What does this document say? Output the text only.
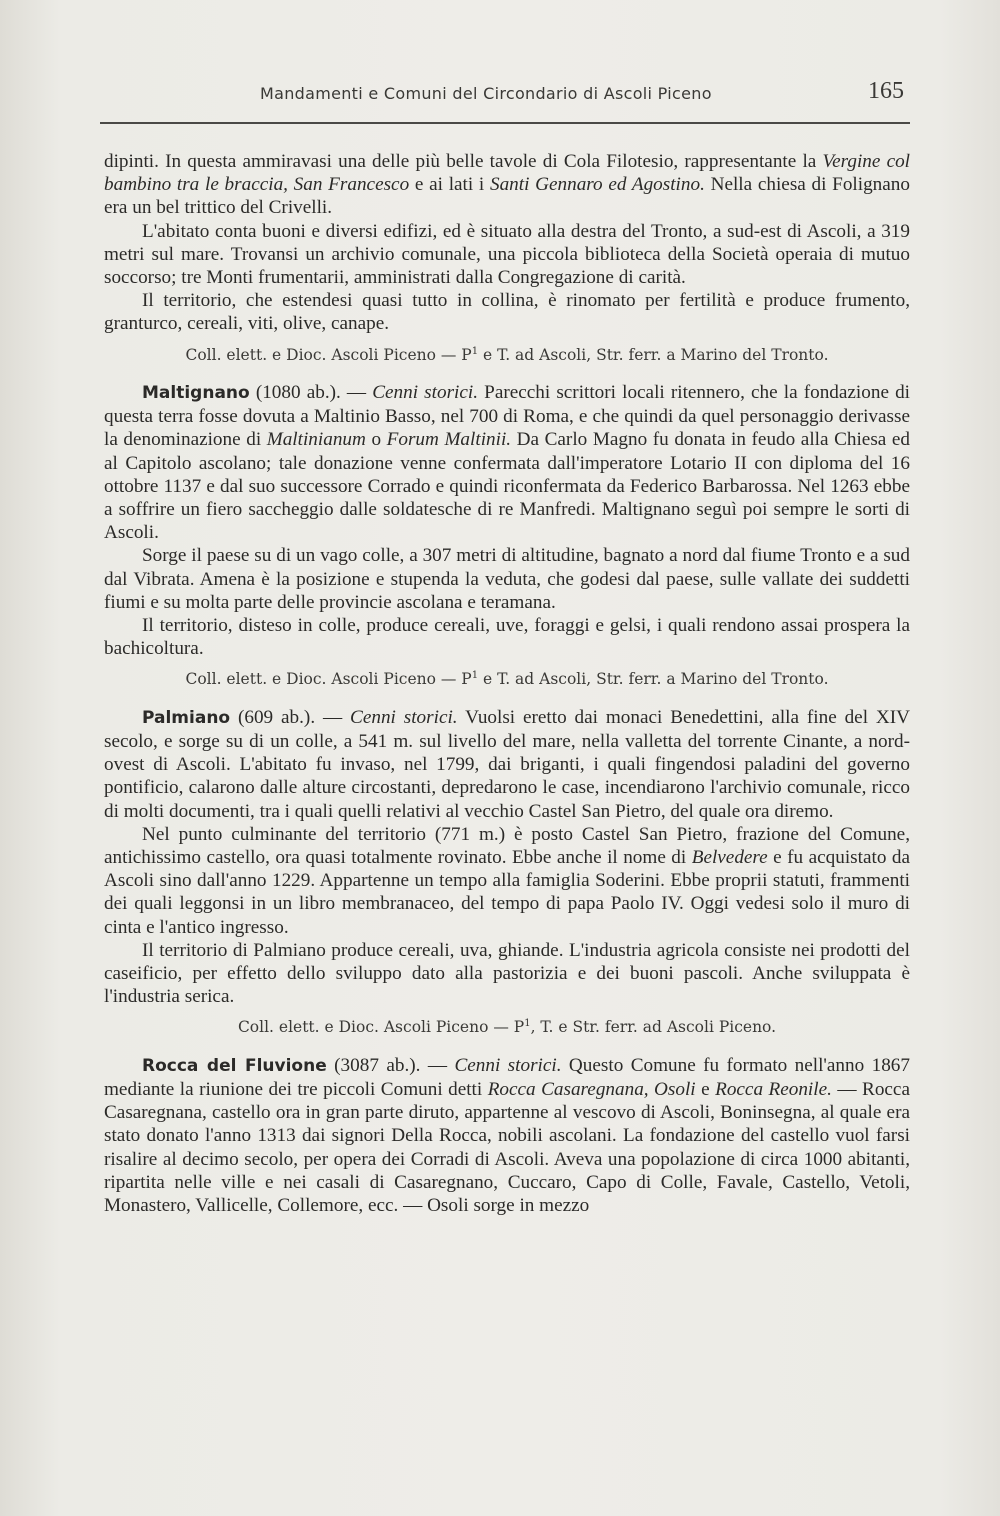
Mandamenti e Comuni del Circondario di Ascoli Piceno	165

dipinti. In questa ammiravasi una delle più belle tavole di Cola Filotesio, rappresentante la Vergine col bambino tra le braccia, San Francesco e ai lati i Santi Gennaro ed Agostino. Nella chiesa di Folignano era un bel trittico del Crivelli.

L'abitato conta buoni e diversi edifizi, ed è situato alla destra del Tronto, a sud-est di Ascoli, a 319 metri sul mare. Trovansi un archivio comunale, una piccola biblioteca della Società operaia di mutuo soccorso; tre Monti frumentarii, amministrati dalla Congregazione di carità.

Il territorio, che estendesi quasi tutto in collina, è rinomato per fertilità e produce frumento, granturco, cereali, viti, olive, canape.

Coll. elett. e Dioc. Ascoli Piceno — $P^1$ e T. ad Ascoli, Str. ferr. a Marino del Tronto.

Maltignano (1080 ab.). — Cenni storici. Parecchi scrittori locali ritennero, che la fondazione di questa terra fosse dovuta a Maltinio Basso, nel 700 di Roma, e che quindi da quel personaggio derivasse la denominazione di Maltinianum o Forum Maltinii. Da Carlo Magno fu donata in feudo alla Chiesa ed al Capitolo ascolano; tale donazione venne confermata dall'imperatore Lotario II con diploma del 16 ottobre 1137 e dal suo successore Corrado e quindi riconfermata da Federico Barbarossa. Nel 1263 ebbe a soffrire un fiero saccheggio dalle soldatesche di re Manfredi. Maltignano seguì poi sempre le sorti di Ascoli.

Sorge il paese su di un vago colle, a 307 metri di altitudine, bagnato a nord dal fiume Tronto e a sud dal Vibrata. Amena è la posizione e stupenda la veduta, che godesi dal paese, sulle vallate dei suddetti fiumi e su molta parte delle provincie ascolana e teramana.

Il territorio, disteso in colle, produce cereali, uve, foraggi e gelsi, i quali rendono assai prospera la bachicoltura.

Coll. elett. e Dioc. Ascoli Piceno — $P^1$ e T. ad Ascoli, Str. ferr. a Marino del Tronto.

Palmiano (609 ab.). — Cenni storici. Vuolsi eretto dai monaci Benedettini, alla fine del XIV secolo, e sorge su di un colle, a 541 m. sul livello del mare, nella valletta del torrente Cinante, a nord-ovest di Ascoli. L'abitato fu invaso, nel 1799, dai briganti, i quali fingendosi paladini del governo pontificio, calarono dalle alture circostanti, depredarono le case, incendiarono l'archivio comunale, ricco di molti documenti, tra i quali quelli relativi al vecchio Castel San Pietro, del quale ora diremo.

Nel punto culminante del territorio (771 m.) è posto Castel San Pietro, frazione del Comune, antichissimo castello, ora quasi totalmente rovinato. Ebbe anche il nome di Belvedere e fu acquistato da Ascoli sino dall'anno 1229. Appartenne un tempo alla famiglia Soderini. Ebbe proprii statuti, frammenti dei quali leggonsi in un libro membranaceo, del tempo di papa Paolo IV. Oggi vedesi solo il muro di cinta e l'antico ingresso.

Il territorio di Palmiano produce cereali, uva, ghiande. L'industria agricola consiste nei prodotti del caseificio, per effetto dello sviluppo dato alla pastorizia e dei buoni pascoli. Anche sviluppata è l'industria serica.

Coll. elett. e Dioc. Ascoli Piceno — $P^1$, T. e Str. ferr. ad Ascoli Piceno.

Rocca del Fluvione (3087 ab.). — Cenni storici. Questo Comune fu formato nell'anno 1867 mediante la riunione dei tre piccoli Comuni detti Rocca Casaregnana, Osoli e Rocca Reonile. — Rocca Casaregnana, castello ora in gran parte diruto, appartenne al vescovo di Ascoli, Boninsegna, al quale era stato donato l'anno 1313 dai signori Della Rocca, nobili ascolani. La fondazione del castello vuol farsi risalire al decimo secolo, per opera dei Corradi di Ascoli. Aveva una popolazione di circa 1000 abitanti, ripartita nelle ville e nei casali di Casaregnano, Cuccaro, Capo di Colle, Favale, Castello, Vetoli, Monastero, Vallicelle, Collemore, ecc. — Osoli sorge in mezzo
